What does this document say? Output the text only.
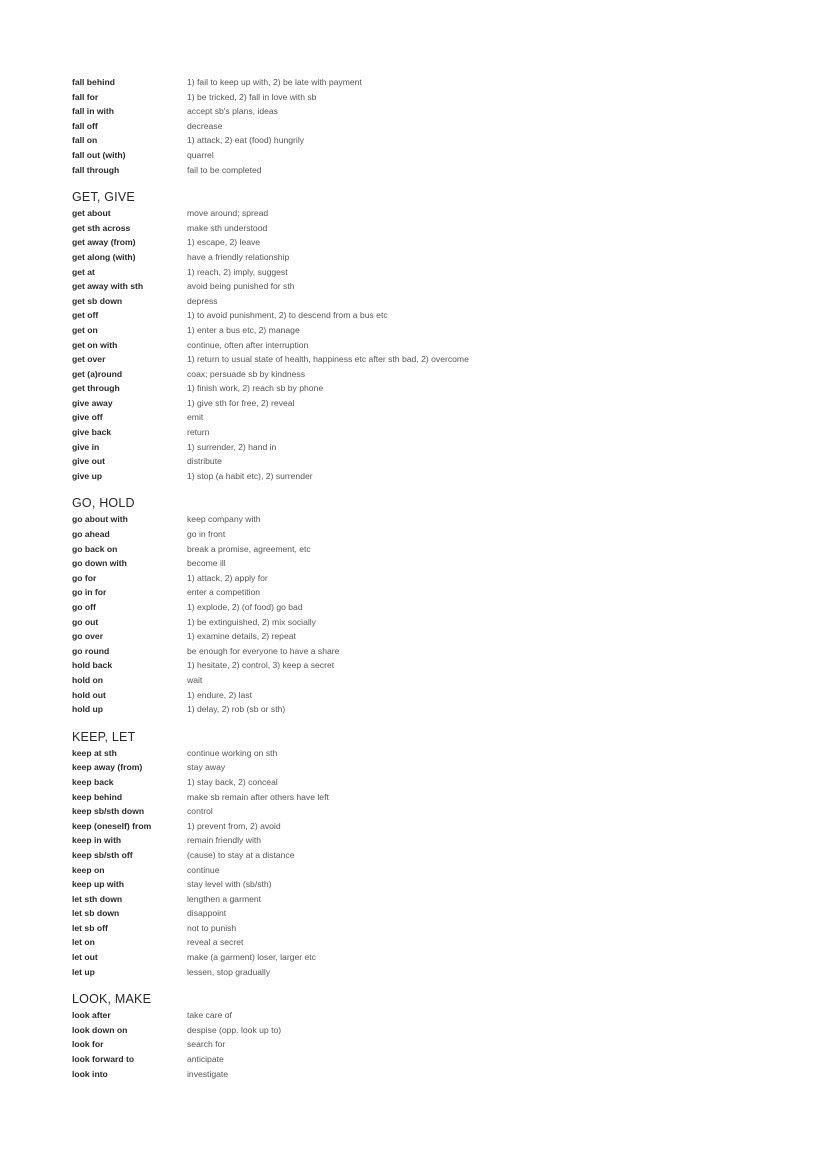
fall behind	1) fail to keep up with, 2) be late with payment
fall for	1) be tricked, 2) fall in love with sb
fall in with	accept sb's plans, ideas
fall off	decrease
fall on	1) attack, 2) eat (food) hungrily
fall out (with)	quarrel
fall through	fail to be completed
GET, GIVE
get about	move around; spread
get sth across	make sth understood
get away (from)	1) escape, 2) leave
get along (with)	have a friendly relationship
get at	1) reach, 2) imply, suggest
get away with sth	avoid being punished for sth
get sb down	depress
get off	1) to avoid punishment, 2) to descend from a bus etc
get on	1) enter a bus etc, 2) manage
get on with	continue, often after interruption
get over	1) return to usual state of health, happiness etc after sth bad, 2) overcome
get (a)round	coax; persuade sb by kindness
get through	1) finish work, 2) reach sb by phone
give away	1) give sth for free, 2) reveal
give off	emit
give back	return
give in	1) surrender, 2) hand in
give out	distribute
give up	1) stop (a habit etc), 2) surrender
GO, HOLD
go about with	keep company with
go ahead	go in front
go back on	break a promise, agreement, etc
go down with	become ill
go for	1) attack, 2) apply for
go in for	enter a competition
go off	1) explode, 2) (of food) go bad
go out	1) be extinguished, 2) mix socially
go over	1) examine details, 2) repeat
go round	be enough for everyone to have a share
hold back	1) hesitate, 2) control, 3) keep a secret
hold on	wait
hold out	1) endure, 2) last
hold up	1) delay, 2) rob (sb or sth)
KEEP, LET
keep at sth	continue working on sth
keep away (from)	stay away
keep back	1) stay back, 2) conceal
keep behind	make sb remain after others have left
keep sb/sth down	control
keep (oneself) from	1) prevent from, 2) avoid
keep in with	remain friendly with
keep sb/sth off	(cause) to stay at a distance
keep on	continue
keep up with	stay level with (sb/sth)
let sth down	lengthen a garment
let sb down	disappoint
let sb off	not to punish
let on	reveal a secret
let out	make (a garment) loser, larger etc
let up	lessen, stop gradually
LOOK, MAKE
look after	take care of
look down on	despise (opp. look up to)
look for	search for
look forward to	anticipate
look into	investigate
